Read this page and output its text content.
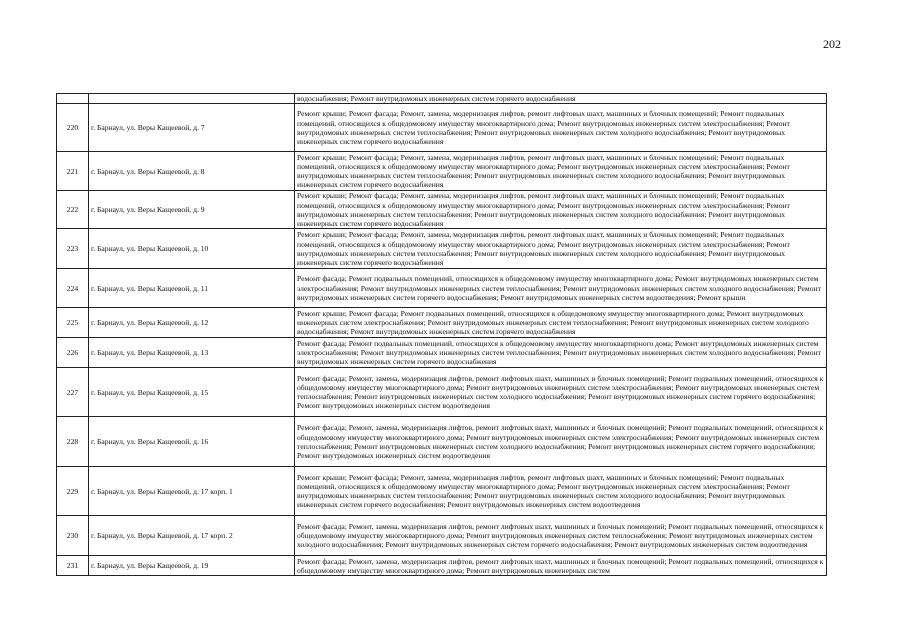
202
		водоснабжения; Ремонт внутридомовых инженерных систем горячего водоснабжения
220	г. Барнаул, ул. Веры Кащеевой, д. 7	Ремонт крыши; Ремонт фасада; Ремонт, замена, модернизация лифтов, ремонт лифтовых шахт, машинных и блочных помещений; Ремонт подвальных помещений, относящихся к общедомовому имуществу многоквартирного дома; Ремонт внутридомовых инженерных систем электроснабжения; Ремонт внутридомовых инженерных систем теплоснабжения; Ремонт внутридомовых инженерных систем холодного водоснабжения; Ремонт внутридомовых инженерных систем горячего водоснабжения
221	г. Барнаул, ул. Веры Кащеевой, д. 8	Ремонт крыши; Ремонт фасада; Ремонт, замена, модернизация лифтов, ремонт лифтовых шахт, машинных и блочных помещений; Ремонт подвальных помещений, относящихся к общедомовому имуществу многоквартирного дома; Ремонт внутридомовых инженерных систем электроснабжения; Ремонт внутридомовых инженерных систем теплоснабжения; Ремонт внутридомовых инженерных систем холодного водоснабжения; Ремонт внутридомовых инженерных систем горячего водоснабжения
222	г. Барнаул, ул. Веры Кащеевой, д. 9	Ремонт крыши; Ремонт фасада; Ремонт, замена, модернизация лифтов, ремонт лифтовых шахт, машинных и блочных помещений; Ремонт подвальных помещений, относящихся к общедомовому имуществу многоквартирного дома; Ремонт внутридомовых инженерных систем электроснабжения; Ремонт внутридомовых инженерных систем теплоснабжения; Ремонт внутридомовых инженерных систем холодного водоснабжения; Ремонт внутридомовых инженерных систем горячего водоснабжения
223	г. Барнаул, ул. Веры Кащеевой, д. 10	Ремонт крыши; Ремонт фасада; Ремонт, замена, модернизация лифтов, ремонт лифтовых шахт, машинных и блочных помещений; Ремонт подвальных помещений, относящихся к общедомовому имуществу многоквартирного дома; Ремонт внутридомовых инженерных систем электроснабжения; Ремонт внутридомовых инженерных систем теплоснабжения; Ремонт внутридомовых инженерных систем холодного водоснабжения; Ремонт внутридомовых инженерных систем горячего водоснабжения
224	г. Барнаул, ул. Веры Кащеевой, д. 11	Ремонт фасада; Ремонт подвальных помещений, относящихся к общедомовому имуществу многоквартирного дома; Ремонт внутридомовых инженерных систем электроснабжения; Ремонт внутридомовых инженерных систем теплоснабжения; Ремонт внутридомовых инженерных систем холодного водоснабжения; Ремонт внутридомовых инженерных систем горячего водоснабжения; Ремонт внутридомовых инженерных систем водоотведения; Ремонт крыши
225	г. Барнаул, ул. Веры Кащеевой, д. 12	Ремонт крыши; Ремонт фасада; Ремонт подвальных помещений, относящихся к общедомовому имуществу многоквартирного дома; Ремонт внутридомовых инженерных систем электроснабжения; Ремонт внутридомовых инженерных систем теплоснабжения; Ремонт внутридомовых инженерных систем холодного водоснабжения; Ремонт внутридомовых инженерных систем горячего водоснабжения
226	г. Барнаул, ул. Веры Кащеевой, д. 13	Ремонт фасада; Ремонт подвальных помещений, относящихся к общедомовому имуществу многоквартирного дома; Ремонт внутридомовых инженерных систем электроснабжения; Ремонт внутридомовых инженерных систем теплоснабжения; Ремонт внутридомовых инженерных систем холодного водоснабжения; Ремонт внутридомовых инженерных систем горячего водоснабжения
227	г. Барнаул, ул. Веры Кащеевой, д. 15	Ремонт фасада; Ремонт, замена, модернизация лифтов, ремонт лифтовых шахт, машинных и блочных помещений; Ремонт подвальных помещений, относящихся к общедомовому имуществу многоквартирного дома; Ремонт внутридомовых инженерных систем электроснабжения; Ремонт внутридомовых инженерных систем теплоснабжения; Ремонт внутридомовых инженерных систем холодного водоснабжения; Ремонт внутридомовых инженерных систем горячего водоснабжения; Ремонт внутридомовых инженерных систем водоотведения
228	г. Барнаул, ул. Веры Кащеевой, д. 16	Ремонт фасада; Ремонт, замена, модернизация лифтов, ремонт лифтовых шахт, машинных и блочных помещений; Ремонт подвальных помещений, относящихся к общедомовому имуществу многоквартирного дома; Ремонт внутридомовых инженерных систем электроснабжения; Ремонт внутридомовых инженерных систем теплоснабжения; Ремонт внутридомовых инженерных систем холодного водоснабжения; Ремонт внутридомовых инженерных систем горячего водоснабжения; Ремонт внутридомовых инженерных систем водоотведения
229	г. Барнаул, ул. Веры Кащеевой, д. 17 корп. 1	Ремонт крыши; Ремонт фасада; Ремонт, замена, модернизация лифтов, ремонт лифтовых шахт, машинных и блочных помещений; Ремонт подвальных помещений, относящихся к общедомовому имуществу многоквартирного дома; Ремонт внутридомовых инженерных систем электроснабжения; Ремонт внутридомовых инженерных систем теплоснабжения; Ремонт внутридомовых инженерных систем холодного водоснабжения; Ремонт внутридомовых инженерных систем горячего водоснабжения; Ремонт внутридомовых инженерных систем водоотведения
230	г. Барнаул, ул. Веры Кащеевой, д. 17 корп. 2	Ремонт фасада; Ремонт, замена, модернизация лифтов, ремонт лифтовых шахт, машинных и блочных помещений; Ремонт подвальных помещений, относящихся к общедомовому имуществу многоквартирного дома; Ремонт внутридомовых инженерных систем теплоснабжения; Ремонт внутридомовых инженерных систем холодного водоснабжения; Ремонт внутридомовых инженерных систем горячего водоснабжения; Ремонт внутридомовых инженерных систем водоотведения
231	г. Барнаул, ул. Веры Кащеевой, д. 19	Ремонт фасада; Ремонт, замена, модернизация лифтов, ремонт лифтовых шахт, машинных и блочных помещений; Ремонт подвальных помещений, относящихся к общедомовому имуществу многоквартирного дома; Ремонт внутридомовых инженерных систем
